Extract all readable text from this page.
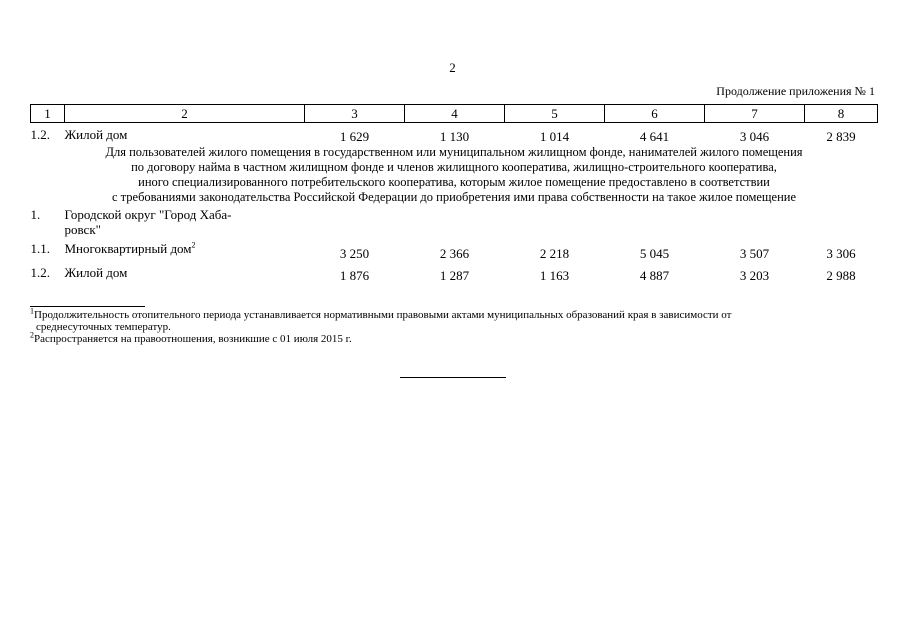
2
Продолжение приложения № 1
1	2	3	4	5	6	7	8
1.2.	Жилой дом	1 629	1 130	1 014	4 641	3 046	2 839

Для пользователей жилого помещения в государственном или муниципальном жилищном фонде, нанимателей жилого помещения
по договору найма в частном жилищном фонде и членов жилищного кооператива, жилищно-строительного кооператива,
иного специализированного потребительского кооператива, которым жилое помещение предоставлено в соответствии
с требованиями законодательства Российской Федерации до приобретения ими права собственности на такое жилое помещение							

1.	Городской округ "Город Хаба-
ровск"						

1.1.	Многоквартирный дом$^2$	3 250	2 366	2 218	5 045	3 507	3 306
1.2.	Жилой дом	1 876	1 287	1 163	4 887	3 203	2 988
$^1$Продолжительность отопительного периода устанавливается нормативными правовыми актами муниципальных образований края в зависимости от
среднесуточных температур.
$^2$Распространяется на правоотношения, возникшие с 01 июля 2015 г.
